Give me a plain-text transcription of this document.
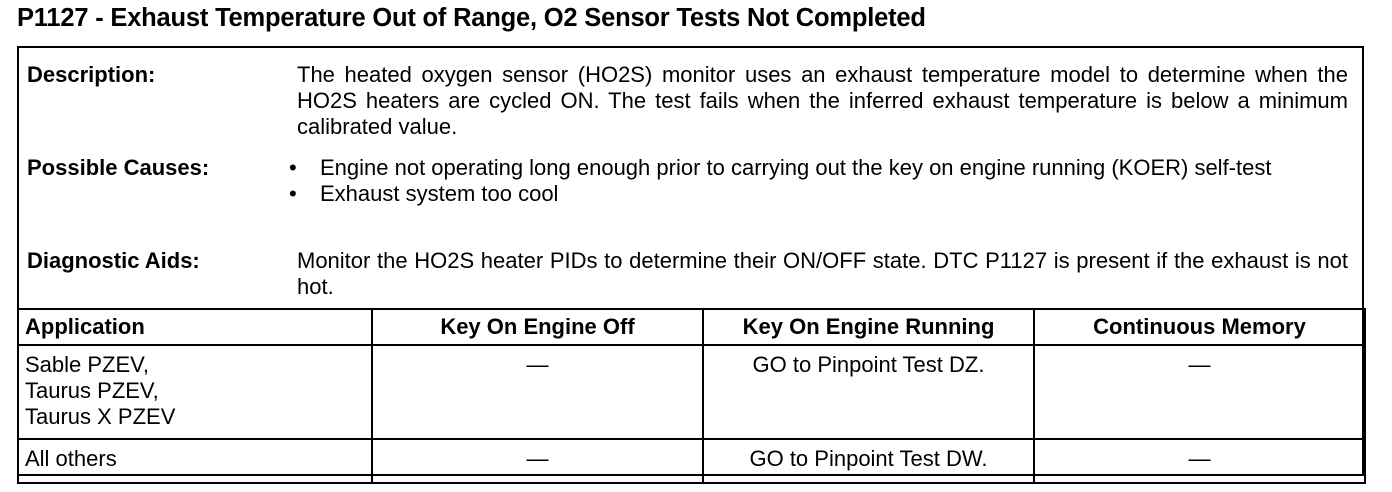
P1127 - Exhaust Temperature Out of Range, O2 Sensor Tests Not Completed
Description:	The heated oxygen sensor (HO2S) monitor uses an exhaust temperature model to determine when the HO2S heaters are cycled ON. The test fails when the inferred exhaust temperature is below a minimum calibrated value.
Possible Causes:	• Engine not operating long enough prior to carrying out the key on engine running (KOER) self-test
• Exhaust system too cool
Diagnostic Aids:	Monitor the HO2S heater PIDs to determine their ON/OFF state. DTC P1127 is present if the exhaust is not hot.
Application	Key On Engine Off	Key On Engine Running	Continuous Memory

Sable PZEV,
Taurus PZEV,
Taurus X PZEV	—	GO to Pinpoint Test DZ.	—

All others	—	GO to Pinpoint Test DW.	—
